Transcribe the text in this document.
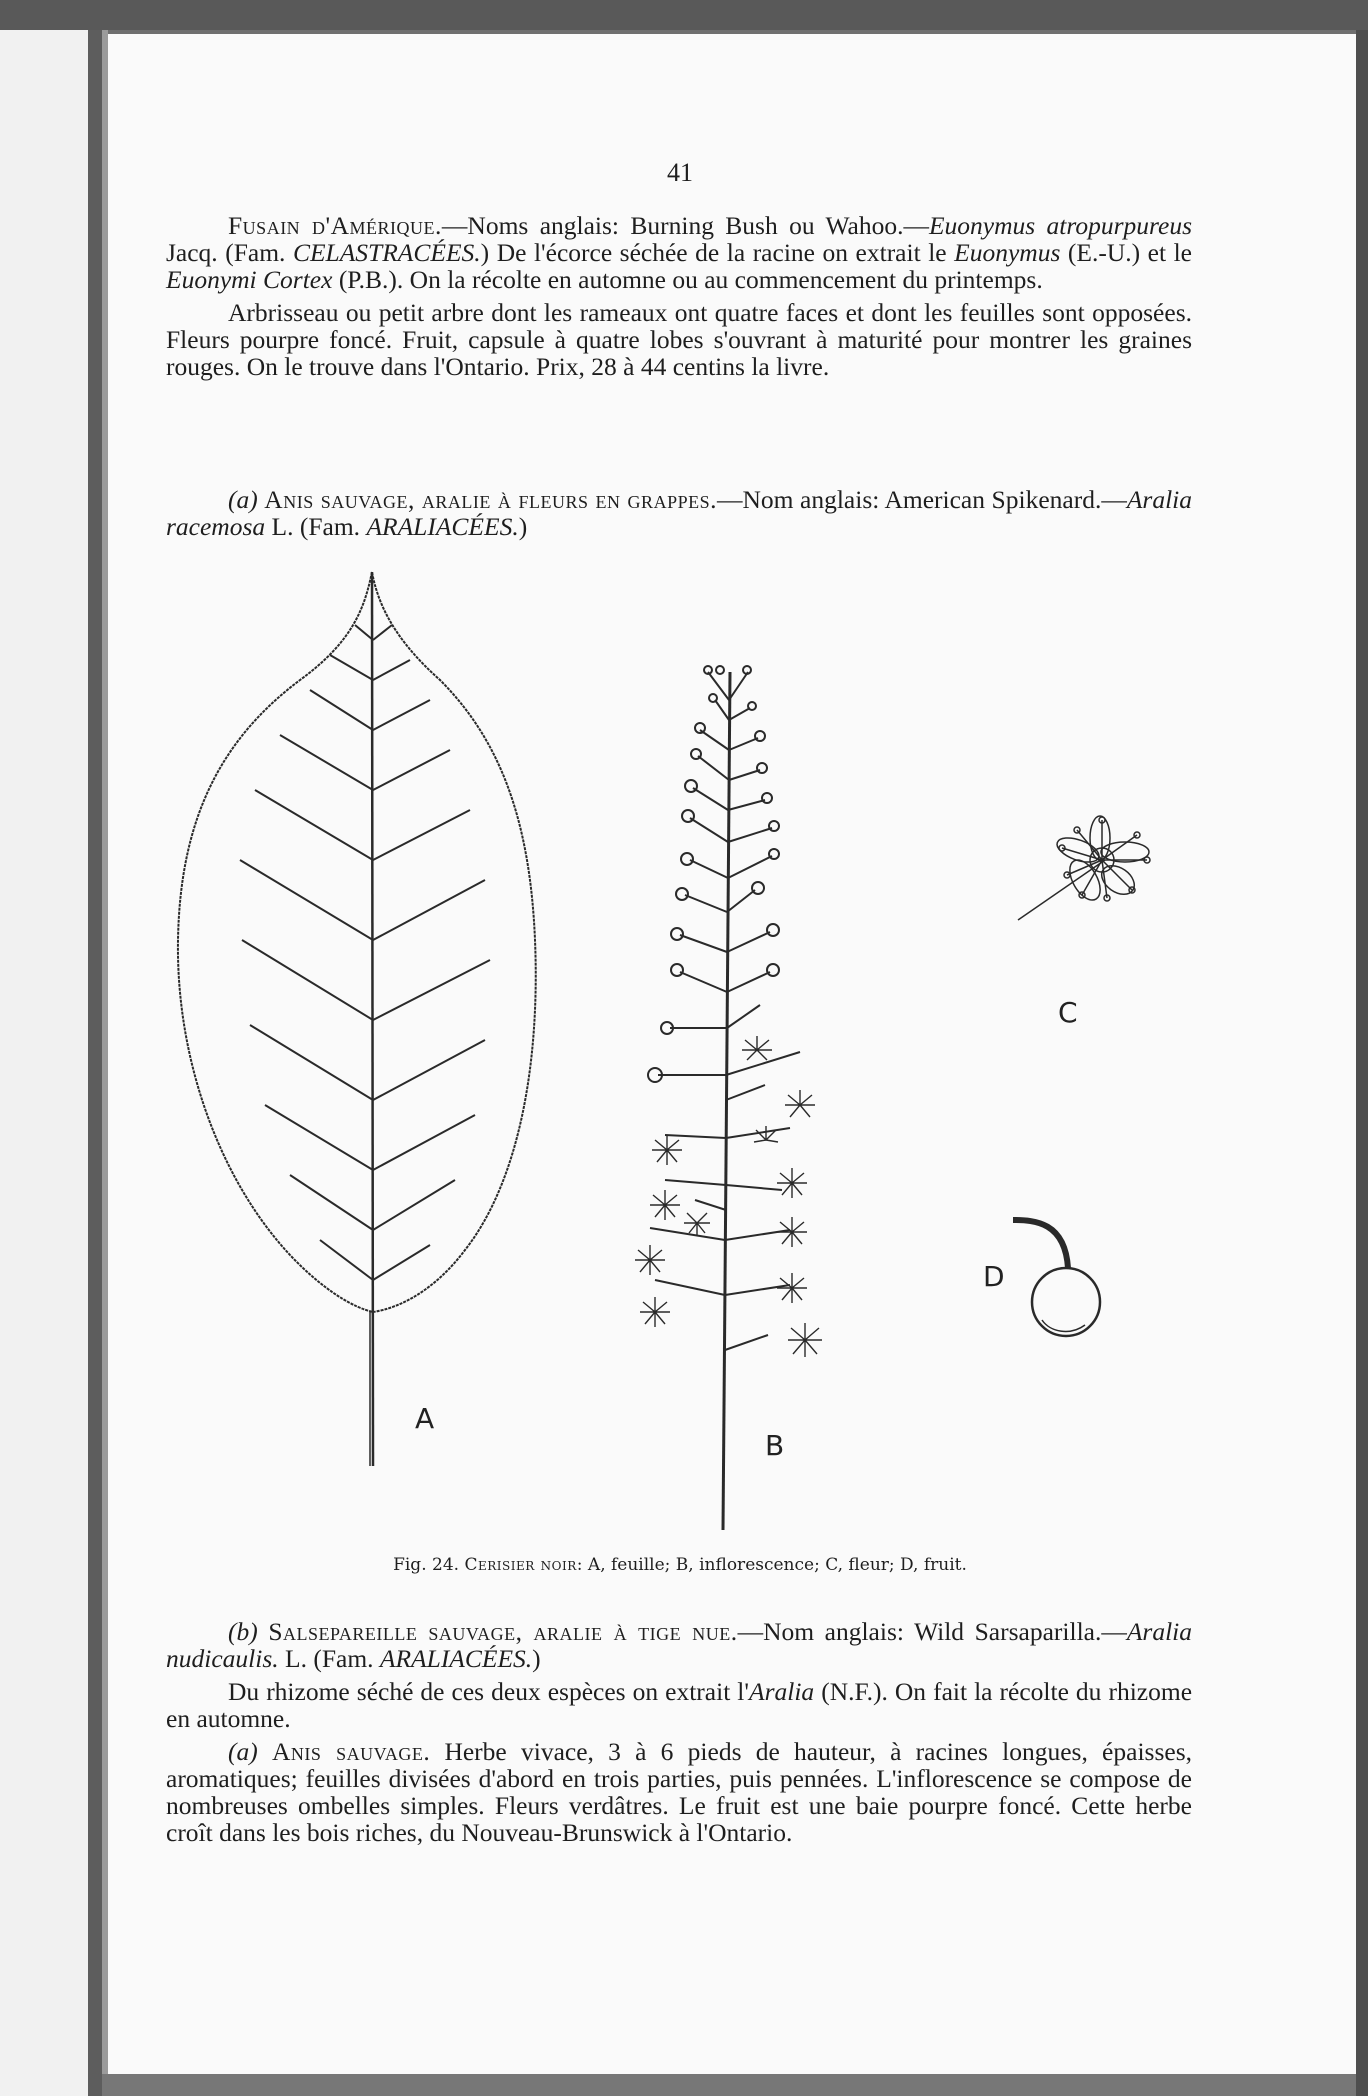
41

Fusain d'Amérique.—Noms anglais: Burning Bush ou Wahoo.—Euonymus atropurpureus Jacq. (Fam. CELASTRACÉES.) De l'écorce séchée de la racine on extrait le Euonymus (E.-U.) et le Euonymi Cortex (P.B.). On la récolte en automne ou au commencement du printemps.

Arbrisseau ou petit arbre dont les rameaux ont quatre faces et dont les feuilles sont opposées. Fleurs pourpre foncé. Fruit, capsule à quatre lobes s'ouvrant à maturité pour montrer les graines rouges. On le trouve dans l'Ontario. Prix, 28 à 44 centins la livre.

(a) Anis sauvage, aralie à fleurs en grappes.—Nom anglais: American Spikenard.—Aralia racemosa L. (Fam. ARALIACÉES.)

A
B
C
D
Fig. 24. Cerisier noir: A, feuille; B, inflorescence; C, fleur; D, fruit.

(b) Salsepareille sauvage, aralie à tige nue.—Nom anglais: Wild Sarsaparilla.—Aralia nudicaulis. L. (Fam. ARALIACÉES.)

Du rhizome séché de ces deux espèces on extrait l'Aralia (N.F.). On fait la récolte du rhizome en automne.

(a) Anis sauvage. Herbe vivace, 3 à 6 pieds de hauteur, à racines longues, épaisses, aromatiques; feuilles divisées d'abord en trois parties, puis pennées. L'inflorescence se compose de nombreuses ombelles simples. Fleurs verdâtres. Le fruit est une baie pourpre foncé. Cette herbe croît dans les bois riches, du Nouveau-Brunswick à l'Ontario.
